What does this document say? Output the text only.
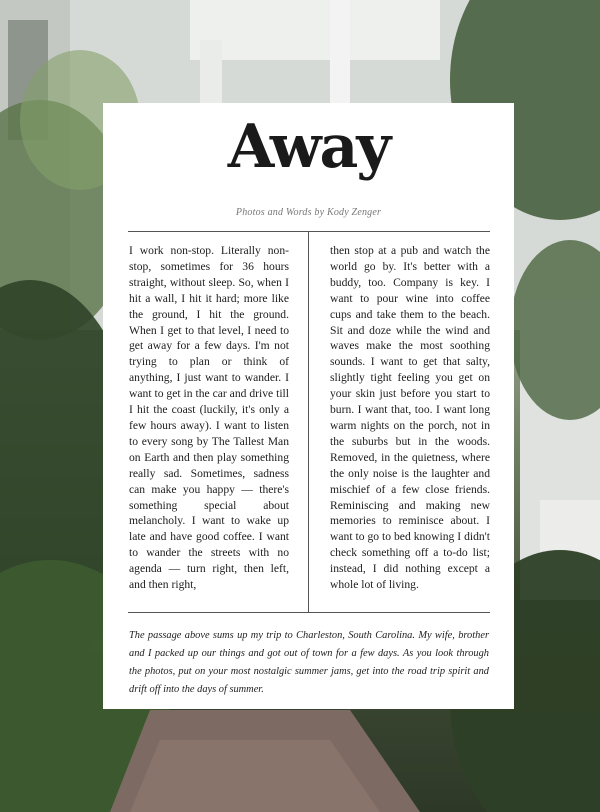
Away
Photos and Words by Kody Zenger
I work non-stop. Literally non-stop, sometimes for 36 hours straight, without sleep. So, when I hit a wall, I hit it hard; more like the ground, I hit the ground. When I get to that level, I need to get away for a few days. I'm not trying to plan or think of anything, I just want to wander. I want to get in the car and drive till I hit the coast (luckily, it's only a few hours away). I want to listen to every song by The Tallest Man on Earth and then play something really sad. Sometimes, sadness can make you happy — there's something special about melancholy. I want to wake up late and have good coffee. I want to wander the streets with no agenda — turn right, then left, and then right,
then stop at a pub and watch the world go by. It's better with a buddy, too. Company is key. I want to pour wine into coffee cups and take them to the beach. Sit and doze while the wind and waves make the most soothing sounds. I want to get that salty, slightly tight feeling you get on your skin just before you start to burn. I want that, too. I want long warm nights on the porch, not in the suburbs but in the woods. Removed, in the quietness, where the only noise is the laughter and mischief of a few close friends. Reminiscing and making new memories to reminisce about. I want to go to bed knowing I didn't check something off a to-do list; instead, I did nothing except a whole lot of living.
The passage above sums up my trip to Charleston, South Carolina. My wife, brother and I packed up our things and got out of town for a few days. As you look through the photos, put on your most nostalgic summer jams, get into the road trip spirit and drift off into the days of summer.
